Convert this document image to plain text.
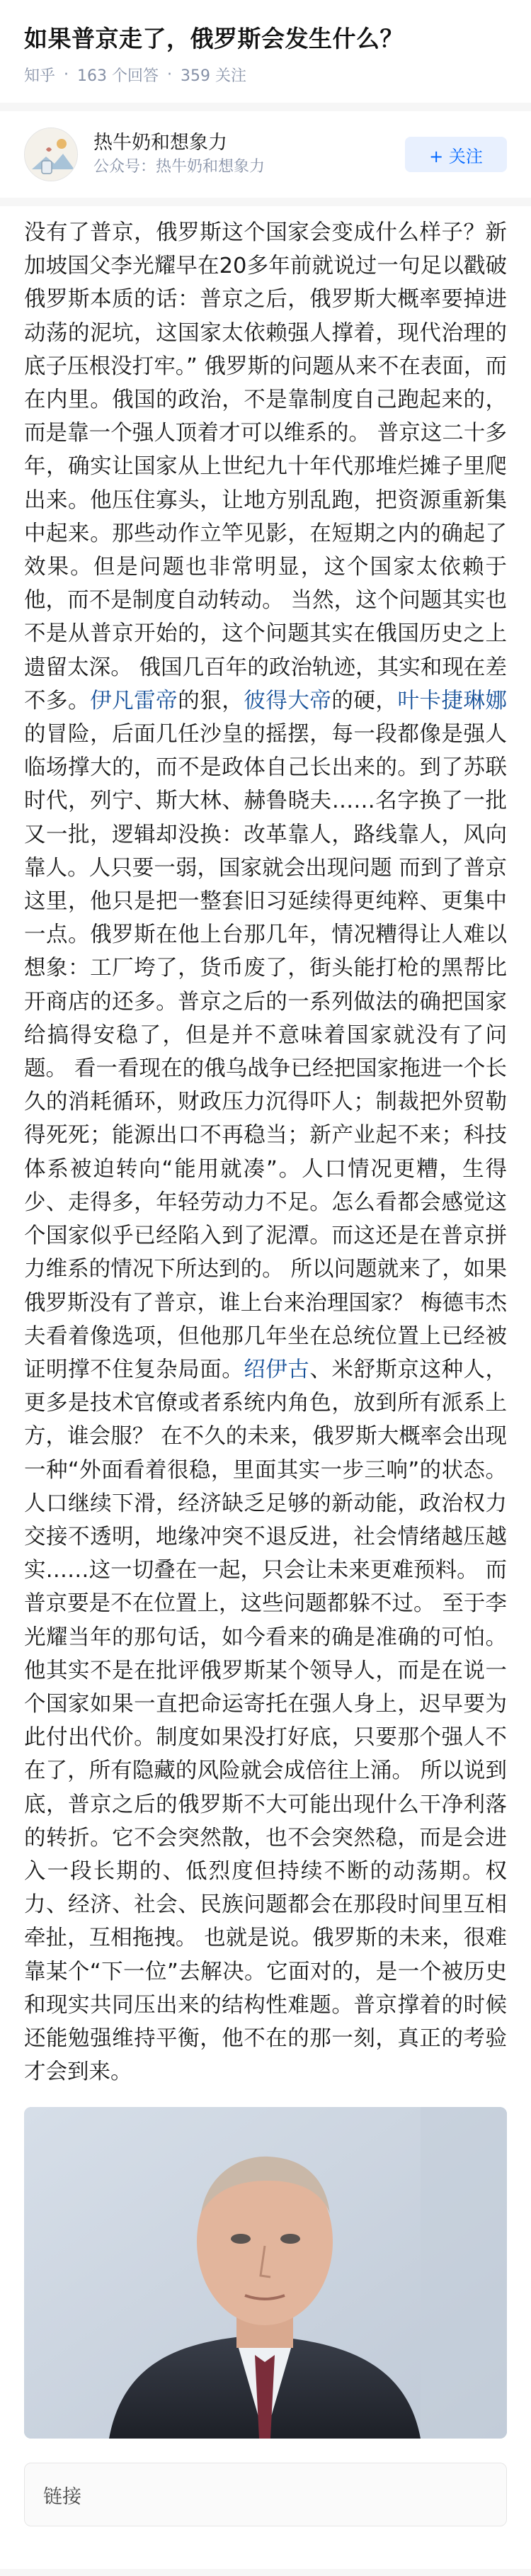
如果普京走了，俄罗斯会发生什么？
知乎 · 163 个回答 · 359 关注
热牛奶和想象力
公众号：热牛奶和想象力
+ 关注
没有了普京，俄罗斯这个国家会变成什么样子？新加坡国父李光耀早在20多年前就说过一句足以戳破俄罗斯本质的话：普京之后，俄罗斯大概率要掉进动荡的泥坑，这国家太依赖强人撑着，现代治理的底子压根没打牢。” 俄罗斯的问题从来不在表面，而在内里。俄国的政治，不是靠制度自己跑起来的，而是靠一个强人顶着才可以维系的。 普京这二十多年，确实让国家从上世纪九十年代那堆烂摊子里爬出来。他压住寡头，让地方别乱跑，把资源重新集中起来。那些动作立竿见影，在短期之内的确起了效果。但是问题也非常明显，这个国家太依赖于他，而不是制度自动转动。 当然，这个问题其实也不是从普京开始的，这个问题其实在俄国历史之上遗留太深。 俄国几百年的政治轨迹，其实和现在差不多。伊凡雷帝的狠，彼得大帝的硬，叶卡捷琳娜的冒险，后面几任沙皇的摇摆，每一段都像是强人临场撑大的，而不是政体自己长出来的。到了苏联时代，列宁、斯大林、赫鲁晓夫……名字换了一批又一批，逻辑却没换：改革靠人，路线靠人，风向靠人。人只要一弱，国家就会出现问题 而到了普京这里，他只是把一整套旧习延续得更纯粹、更集中一点。俄罗斯在他上台那几年，情况糟得让人难以想象：工厂垮了，货币废了，街头能打枪的黑帮比开商店的还多。普京之后的一系列做法的确把国家给搞得安稳了，但是并不意味着国家就没有了问题。 看一看现在的俄乌战争已经把国家拖进一个长久的消耗循环，财政压力沉得吓人；制裁把外贸勒得死死；能源出口不再稳当；新产业起不来；科技体系被迫转向“能用就凑”。人口情况更糟，生得少、走得多，年轻劳动力不足。怎么看都会感觉这个国家似乎已经陷入到了泥潭。而这还是在普京拼力维系的情况下所达到的。 所以问题就来了，如果俄罗斯没有了普京，谁上台来治理国家？ 梅德韦杰夫看着像选项，但他那几年坐在总统位置上已经被证明撑不住复杂局面。绍伊古、米舒斯京这种人，更多是技术官僚或者系统内角色，放到所有派系上方，谁会服？ 在不久的未来，俄罗斯大概率会出现一种“外面看着很稳，里面其实一步三响”的状态。人口继续下滑，经济缺乏足够的新动能，政治权力交接不透明，地缘冲突不退反进，社会情绪越压越实……这一切叠在一起，只会让未来更难预料。 而普京要是不在位置上，这些问题都躲不过。 至于李光耀当年的那句话，如今看来的确是准确的可怕。他其实不是在批评俄罗斯某个领导人，而是在说一个国家如果一直把命运寄托在强人身上，迟早要为此付出代价。制度如果没打好底，只要那个强人不在了，所有隐藏的风险就会成倍往上涌。 所以说到底，普京之后的俄罗斯不大可能出现什么干净利落的转折。它不会突然散，也不会突然稳，而是会进入一段长期的、低烈度但持续不断的动荡期。权力、经济、社会、民族问题都会在那段时间里互相牵扯，互相拖拽。 也就是说。俄罗斯的未来，很难靠某个“下一位”去解决。它面对的，是一个被历史和现实共同压出来的结构性难题。普京撑着的时候还能勉强维持平衡，他不在的那一刻，真正的考验才会到来。
链接
